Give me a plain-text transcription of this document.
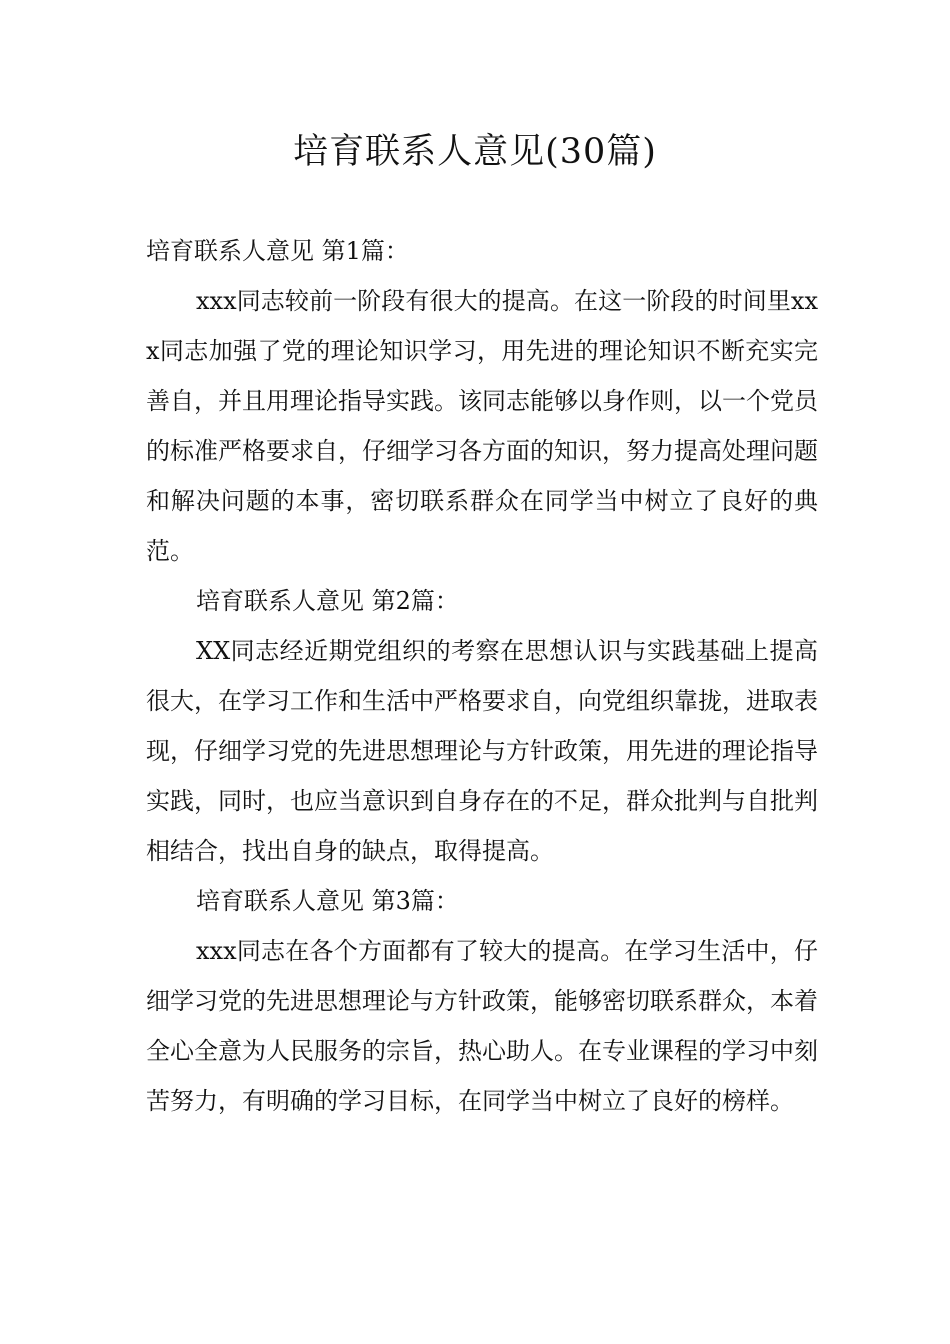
培育联系人意见(30篇)

培育联系人意见 第1篇：

xxx同志较前一阶段有很大的提高。在这一阶段的时间里xxx同志加强了党的理论知识学习，用先进的理论知识不断充实完善自，并且用理论指导实践。该同志能够以身作则，以一个党员的标准严格要求自，仔细学习各方面的知识，努力提高处理问题和解决问题的本事，密切联系群众在同学当中树立了良好的典范。

培育联系人意见 第2篇：

XX同志经近期党组织的考察在思想认识与实践基础上提高很大，在学习工作和生活中严格要求自，向党组织靠拢，进取表现，仔细学习党的先进思想理论与方针政策，用先进的理论指导实践，同时，也应当意识到自身存在的不足，群众批判与自批判相结合，找出自身的缺点，取得提高。

培育联系人意见 第3篇：

xxx同志在各个方面都有了较大的提高。在学习生活中，仔细学习党的先进思想理论与方针政策，能够密切联系群众，本着全心全意为人民服务的宗旨，热心助人。在专业课程的学习中刻苦努力，有明确的学习目标，在同学当中树立了良好的榜样。
